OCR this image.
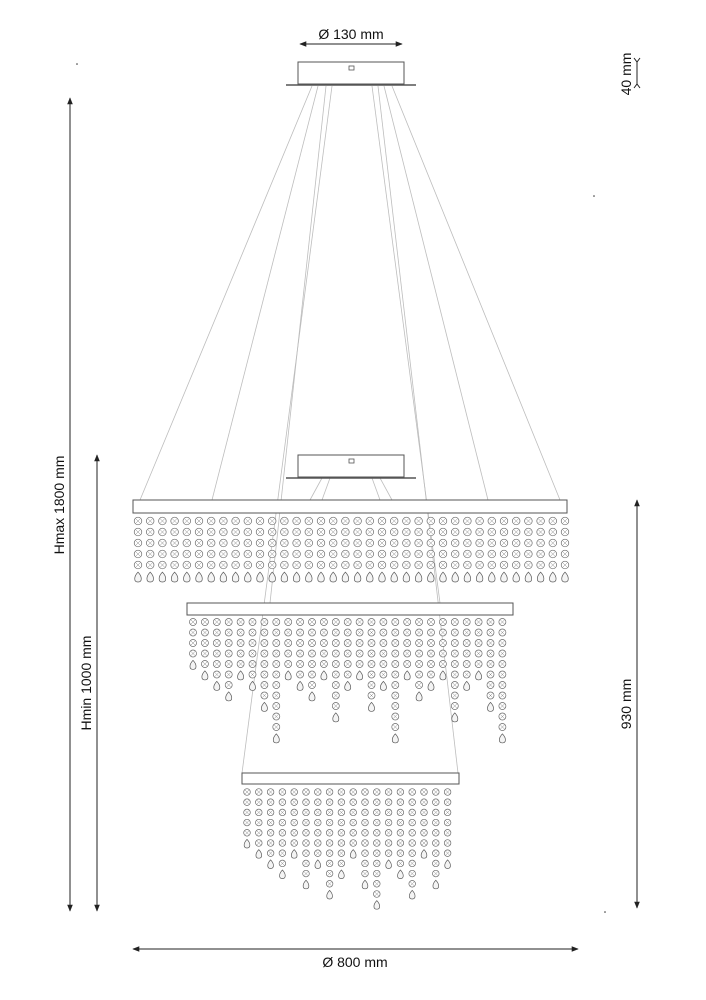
Ø 130 mm
40 mm
Hmax 1800 mm
Hmin 1000 mm	930 mm
Ø 800 mm
